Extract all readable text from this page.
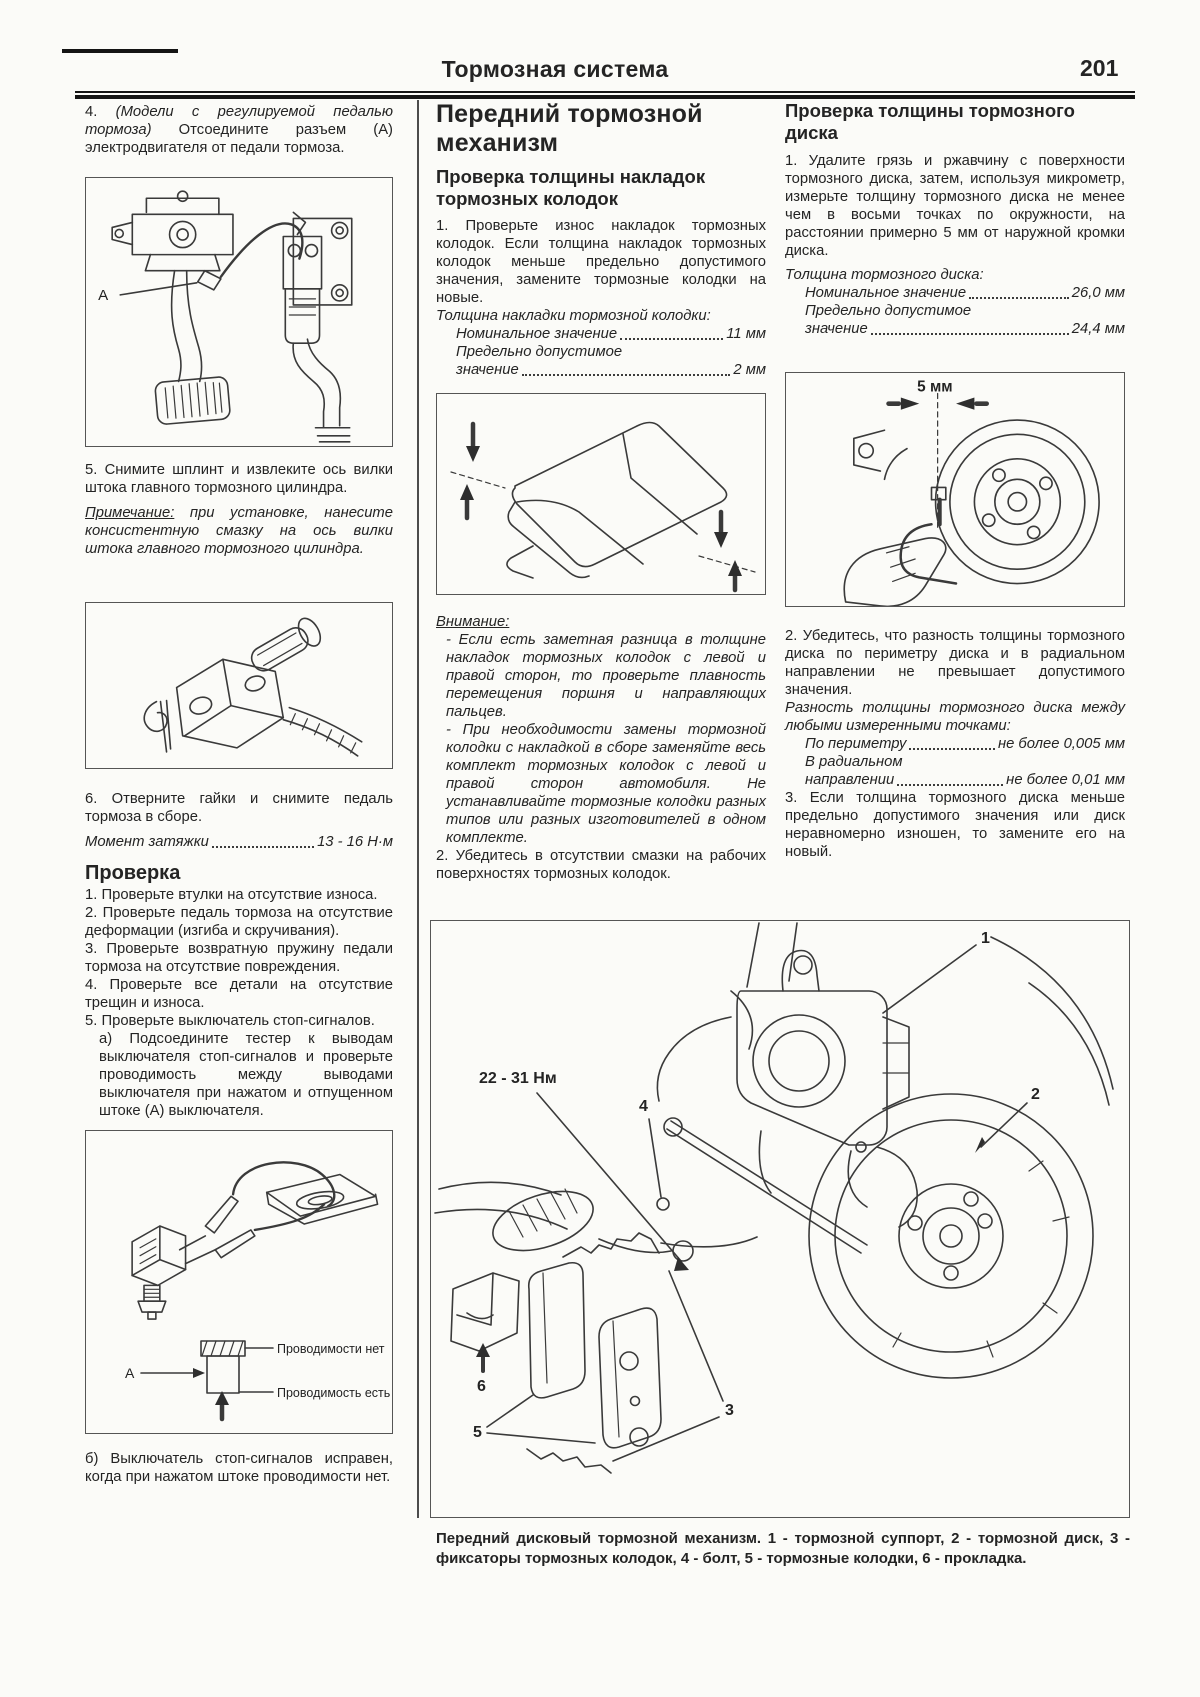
Тормозная система	201

4. (Модели с регулируемой педалью тормоза) Отсоедините разъем (А) электродвигателя от педали тормоза.

А

5. Снимите шплинт и извлеките ось вилки штока главного тормозного цилиндра.

Примечание: при установке, нанесите консистентную смазку на ось вилки штока главного тормозного цилиндра.

6. Отверните гайки и снимите педаль тормоза в сборе.

Момент затяжки	13 - 16 Н·м
Проверка

1. Проверьте втулки на отсутствие износа.

2. Проверьте педаль тормоза на отсутствие деформации (изгиба и скручивания).

3. Проверьте возвратную пружину педали тормоза на отсутствие повреждения.

4. Проверьте все детали на отсутствие трещин и износа.

5. Проверьте выключатель стоп-сигналов.

а) Подсоедините тестер к выводам выключателя стоп-сигналов и проверьте проводимость между выводами выключателя при нажатом и отпущенном штоке (А) выключателя.

А
Проводимости нет
Проводимость есть

б) Выключатель стоп-сигналов исправен, когда при нажатом штоке проводимости нет.

Передний тормозной механизм
Проверка толщины накладок тормозных колодок

1. Проверьте износ накладок тормозных колодок. Если толщина накладок тормозных колодок меньше предельно допустимого значения, замените тормозные колодки на новые.

Толщина накладки тормозной колодки:
Номинальное значение	11 мм
Предельно допустимое
значение	2 мм
Внимание:

- Если есть заметная разница в толщине накладок тормозных колодок с левой и правой сторон, то проверьте плавность перемещения поршня и направляющих пальцев.

- При необходимости замены тормозной колодки с накладкой в сборе заменяйте весь комплект тормозных колодок с левой и правой сторон автомобиля. Не устанавливайте тормозные колодки разных типов или разных изготовителей в одном комплекте.

2. Убедитесь в отсутствии смазки на рабочих поверхностях тормозных колодок.

Проверка толщины тормозного диска

1. Удалите грязь и ржавчину с поверхности тормозного диска, затем, используя микрометр, измерьте толщину тормозного диска не менее чем в восьми точках по окружности, на расстоянии примерно 5 мм от наружной кромки диска.

Толщина тормозного диска:
Номинальное значение	26,0 мм
Предельно допустимое
значение	24,4 мм
5 мм

2. Убедитесь, что разность толщины тормозного диска по периметру диска и в радиальном направлении не превышает допустимого значения.

Разность толщины тормозного диска между любыми измеренными точками:

По периметру	не более 0,005 мм
В радиальном
направлении	не более 0,01 мм

3. Если толщина тормозного диска меньше предельно допустимого значения или диск неравномерно изношен, то замените его на новый.

22 - 31 Нм
1
2
3
4
5
6
Передний дисковый тормозной механизм. 1 - тормозной суппорт, 2 - тормозной диск, 3 - фиксаторы тормозных колодок, 4 - болт, 5 - тормозные колодки, 6 - прокладка.
